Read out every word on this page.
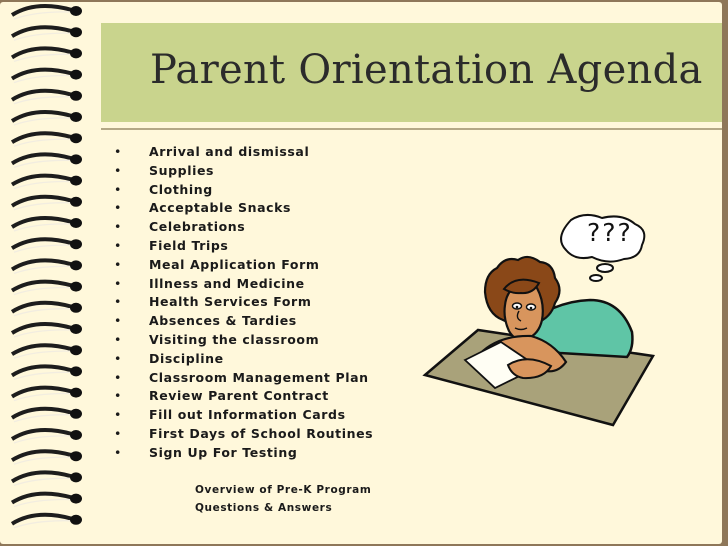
Parent Orientation Agenda
• Arrival and dismissal
• Supplies
• Clothing
• Acceptable Snacks
• Celebrations
• Field Trips
• Meal Application Form
• Illness and Medicine
• Health Services Form
• Absences & Tardies
• Visiting the classroom
• Discipline
• Classroom Management Plan
• Review Parent Contract
• Fill out Information Cards
• First Days of School Routines
• Sign Up For Testing
Overview of Pre-K Program
Questions & Answers
???
